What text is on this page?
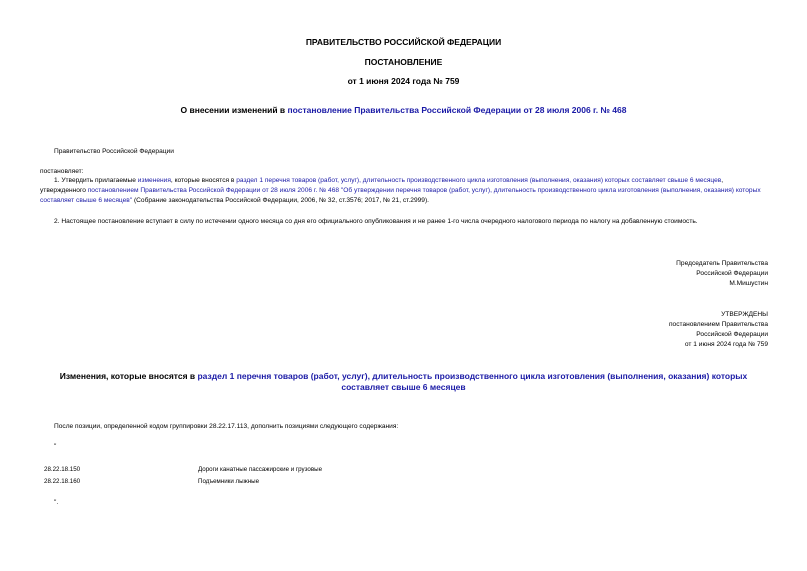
ПРАВИТЕЛЬСТВО РОССИЙСКОЙ ФЕДЕРАЦИИ
ПОСТАНОВЛЕНИЕ
от 1 июня 2024 года № 759
О внесении изменений в постановление Правительства Российской Федерации от 28 июля 2006 г. № 468
Правительство Российской Федерации
постановляет:
1. Утвердить прилагаемые изменения, которые вносятся в раздел 1 перечня товаров (работ, услуг), длительность производственного цикла изготовления (выполнения, оказания) которых составляет свыше 6 месяцев, утвержденного постановлением Правительства Российской Федерации от 28 июля 2006 г. № 468 "Об утверждении перечня товаров (работ, услуг), длительность производственного цикла изготовления (выполнения, оказания) которых составляет свыше 6 месяцев" (Собрание законодательства Российской Федерации, 2006, № 32, ст.3576; 2017, № 21, ст.2999).
2. Настоящее постановление вступает в силу по истечении одного месяца со дня его официального опубликования и не ранее 1-го числа очередного налогового периода по налогу на добавленную стоимость.
Председатель Правительства
Российской Федерации
М.Мишустин
УТВЕРЖДЕНЫ
постановлением Правительства
Российской Федерации
от 1 июня 2024 года № 759
Изменения, которые вносятся в раздел 1 перечня товаров (работ, услуг), длительность производственного цикла изготовления (выполнения, оказания) которых составляет свыше 6 месяцев
После позиции, определенной кодом группировки 28.22.17.113, дополнить позициями следующего содержания:
"
28.22.18.150	Дороги канатные пассажирские и грузовые
28.22.18.160	Подъемники лыжные
".
